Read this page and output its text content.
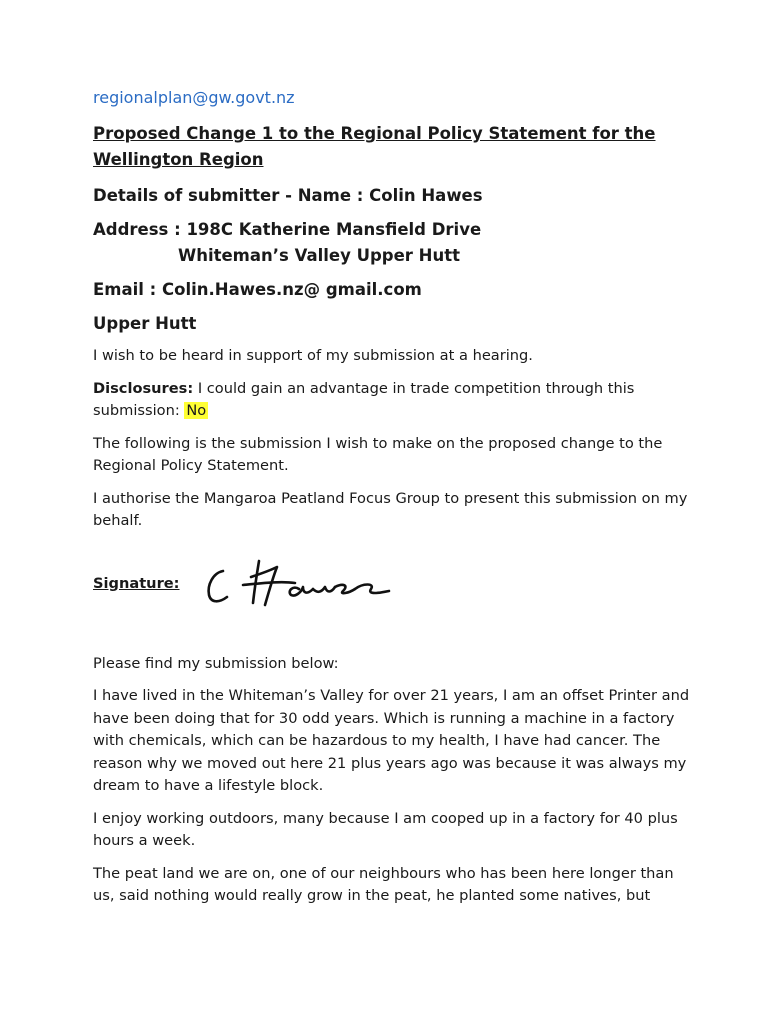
regionalplan@gw.govt.nz
Proposed Change 1 to the Regional Policy Statement for the Wellington Region
Details of submitter - Name : Colin Hawes
Address : 198C Katherine Mansfield Drive
Whiteman’s Valley Upper Hutt
Email : Colin.Hawes.nz@ gmail.com
Upper Hutt

I wish to be heard in support of my submission at a hearing.

Disclosures: I could gain an advantage in trade competition through this submission: No

The following is the submission I wish to make on the proposed change to the Regional Policy Statement.

I authorise the Mangaroa Peatland Focus Group to present this submission on my behalf.

Signature:

Please find my submission below:

I have lived in the Whiteman’s Valley for over 21 years, I am an offset Printer and have been doing that for 30 odd years. Which is running a machine in a factory with chemicals, which can be hazardous to my health, I have had cancer. The reason why we moved out here 21 plus years ago was because it was always my dream to have a lifestyle block.

I enjoy working outdoors, many because I am cooped up in a factory for 40 plus hours a week.

The peat land we are on, one of our neighbours who has been here longer than us, said nothing would really grow in the peat, he planted some natives, but
